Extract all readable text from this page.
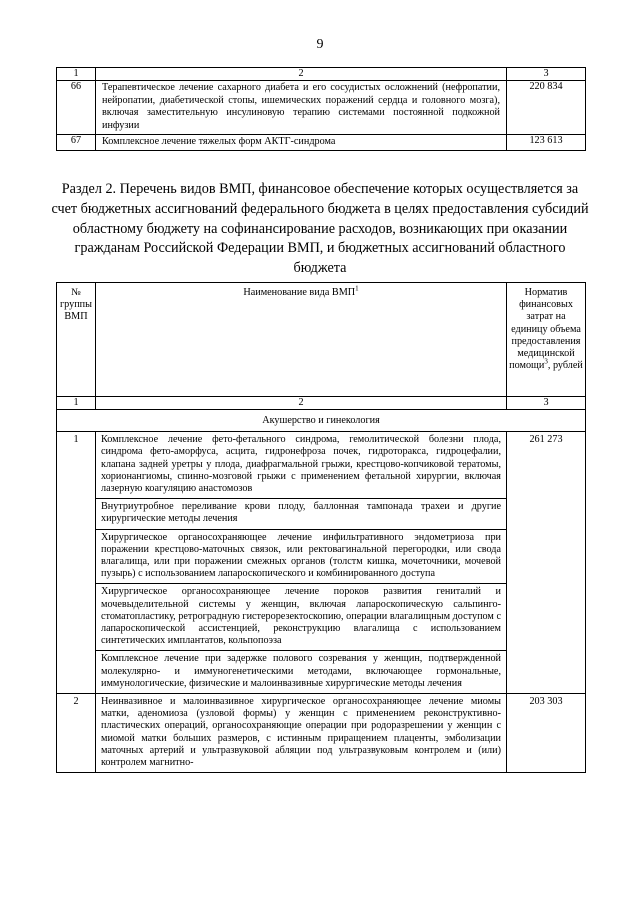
9
1	2	3
66	Терапевтическое лечение сахарного диабета и его сосудистых осложнений (нефропатии, нейропатии, диабетической стопы, ишемических поражений сердца и головного мозга), включая заместительную инсулиновую терапию системами постоянной подкожной инфузии	220 834
67	Комплексное лечение тяжелых форм АКТГ-синдрома	123 613
Раздел 2. Перечень видов ВМП, финансовое обеспечение которых осуществляется за счет бюджетных ассигнований федерального бюджета в целях предоставления субсидий областному бюджету на софинансирование расходов, возникающих при оказании гражданам Российской Федерации ВМП, и бюджетных ассигнований областного бюджета
№ группы ВМП	Наименование вида ВМП$^1$	Норматив финансовых затрат на единицу объема предоставления медицинской помощи$^3$, рублей
1	2	3
Акушерство и гинекология		
1	Комплексное лечение фето-фетального синдрома, гемолитической болезни плода, синдрома фето-аморфуса, асцита, гидронефроза почек, гидроторакса, гидроцефалии, клапана задней уретры у плода, диафрагмальной грыжи, крестцово-копчиковой тератомы, хорионангиомы, спинно-мозговой грыжи с применением фетальной хирургии, включая лазерную коагуляцию анастомозов
Внутриутробное переливание крови плоду, баллонная тампонада трахеи и другие хирургические методы лечения
Хирургическое органосохраняющее лечение инфильтративного эндометриоза при поражении крестцово-маточных связок, или ректовагинальной перегородки, или свода влагалища, или при поражении смежных органов (толстм кишка, мочеточники, мочевой пузырь) с использованием лапароскопического и комбинированного доступа
Хирургическое органосохраняющее лечение пороков развития гениталий и мочевыделительной системы у женщин, включая лапароскопическую сальпинго-стоматопластику, ретроградную гистерорезектоскопию, операции влагалищным доступом с лапароскопической ассистенцией, реконструкцию влагалища с использованием синтетических имплантатов, кольпопоэза
Комплексное лечение при задержке полового созревания у женщин, подтвержденной молекулярно- и иммуногенетическими методами, включающее гормональные, иммунологические, физические и малоинвазивные хирургические методы лечения	261 273
2	Неинвазивное и малоинвазивное хирургическое органосохраняющее лечение миомы матки, аденомиоза (узловой формы) у женщин с применением реконструктивно-пластических операций, органосохраняющие операции при родоразрешении у женщин с миомой матки больших размеров, с истинным приращением плаценты, эмболизации маточных артерий и ультразвуковой абляции под ультразвуковым контролем и (или) контролем магнитно-	203 303
